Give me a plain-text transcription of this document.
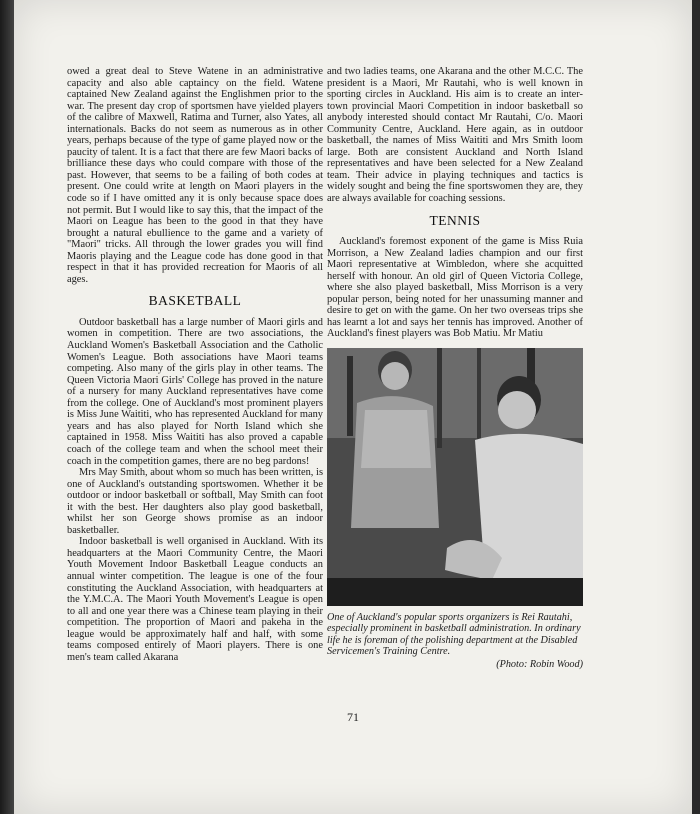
owed a great deal to Steve Watene in an administrative capacity and also able captaincy on the field. Watene captained New Zealand against the Englishmen prior to the war. The present day crop of sportsmen have yielded players of the calibre of Maxwell, Ratima and Turner, also Yates, all internationals. Backs do not seem as numerous as in other years, perhaps because of the type of game played now or the paucity of talent. It is a fact that there are few Maori backs of brilliance these days who could compare with those of the past. However, that seems to be a failing of both codes at present. One could write at length on Maori players in the code so if I have omitted any it is only because space does not permit. But I would like to say this, that the impact of the Maori on League has been to the good in that they have brought a natural ebullience to the game and a variety of "Maori" tricks. All through the lower grades you will find Maoris playing and the League code has done good in that respect in that it has provided recreation for Maoris of all ages.

BASKETBALL

Outdoor basketball has a large number of Maori girls and women in competition. There are two associations, the Auckland Women's Basketball Association and the Catholic Women's League. Both associations have Maori teams competing. Also many of the girls play in other teams. The Queen Victoria Maori Girls' College has proved in the nature of a nursery for many Auckland representatives have come from the college. One of Auckland's most prominent players is Miss June Waititi, who has represented Auckland for many years and has also played for North Island which she captained in 1958. Miss Waititi has also proved a capable coach of the college team and when the school meet their coach in the competition games, there are no beg pardons!

Mrs May Smith, about whom so much has been written, is one of Auckland's outstanding sportswomen. Whether it be outdoor or indoor basketball or softball, May Smith can foot it with the best. Her daughters also play good basketball, whilst her son George shows promise as an indoor basketballer.

Indoor basketball is well organised in Auckland. With its headquarters at the Maori Community Centre, the Maori Youth Movement Indoor Basketball League conducts an annual winter competition. The league is one of the four constituting the Auckland Association, with headquarters at the Y.M.C.A. The Maori Youth Movement's League is open to all and one year there was a Chinese team playing in their competition. The proportion of Maori and pakeha in the league would be approximately half and half, with some teams composed entirely of Maori players. There is one men's team called Akarana

and two ladies teams, one Akarana and the other M.C.C. The president is a Maori, Mr Rautahi, who is well known in sporting circles in Auckland. His aim is to create an inter-town provincial Maori Competition in indoor basketball so anybody interested should contact Mr Rautahi, C/o. Maori Community Centre, Auckland. Here again, as in outdoor basketball, the names of Miss Waititi and Mrs Smith loom large. Both are consistent Auckland and North Island representatives and have been selected for a New Zealand team. Their advice in playing techniques and tactics is widely sought and being the fine sportswomen they are, they are always available for coaching sessions.

TENNIS

Auckland's foremost exponent of the game is Miss Ruia Morrison, a New Zealand ladies champion and our first Maori representative at Wimbledon, where she acquitted herself with honour. An old girl of Queen Victoria College, where she also played basketball, Miss Morrison is a very popular person, being noted for her unassuming manner and desire to get on with the game. On her two overseas trips she has learnt a lot and says her tennis has improved. Another of Auckland's finest players was Bob Matiu. Mr Matiu

One of Auckland's popular sports organizers is Rei Rautahi, especially prominent in basketball administration. In ordinary life he is foreman of the polishing department at the Disabled Servicemen's Training Centre.
(Photo: Robin Wood)
71
